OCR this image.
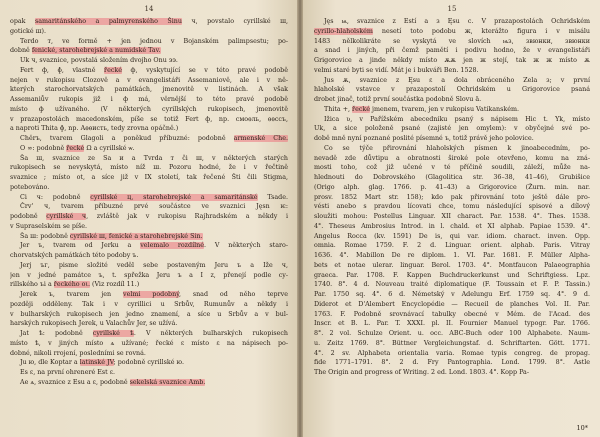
14
opak samaritánského a palmyrenského Šinu ч, povstalo cyrillské ш,
gotické ш).
Terdo т, ve formě + jen jednou v Bojanském palimpsestu; po-
dobně fenické, starohebrejské a numidské Tav.
Uk ч, svaznice, povstalá složením dvojho Onu ээ.
Fert ф, ɸ, vlastně řecké ф, vyskytující se v této pravé podobě
nejen v rukopisu Clozově a v evangelistáři Assemaniově, ale i v ně-
kterých starochorvatských památkách, jmenovitě v listinách. A však
Assemaniův rukopis již i ф má, věrnější to této pravé podobě
místo ф užívaného. (V některých cyrillských rukopisech, jmenovitě
v prazapostolách macedonském, píše se totiž Fert ф, np. смоѳль, ѳѳссъ,
a naproti Thita ɸ, np. Аѳѳисть, tedy zrovna opáčně.)
Chěrъ, tvarem Glagoli a poněkud příbuzné: podobně armenské Che.
O ∞: podobně řecké Ω a cyrillské ѡ.
Ša ш, svaznice ze Sa и a Tvrda т či ш, v některých starých
rukopisech se nevyskytá, místo níž ш. Pozoru hodné, že i v řečtině
svaznice ; místo ot, a síce již v IX století, tak řečené Šti čili Stigma,
potebováno.
Ci ч: podobně cyrillské ц, starohebrejské a samaritánské Tsade.
Črv' ч, tvarem příbuzné prvé součástce ve svaznici Jęsn ѥ:
podobně cyrillské ч, zvláště jak v rukopisu Rajhradském a někdy i
v Supraselském se píše.
Ša ш: podobně cyrillské ш, fenické a starohebrejské Sin.
Jer ъ, tvarem od Jerku a velemalo rozdílné. V některých staro-
chorvatských památkách této podoby ъ.
Jerj ъг, pisme složité veděl sebe postaveným Jeru ъ a Iže ч,
jen v jedné památce ъ, t. spřežka Jeru ъ a I z, přenejí podle cy-
rillského ъi a řeckého oι. (Viz rozdíl 11.)
Jerek ъ, tvarem jen velmi podobný, snad od něho teprve
později odděleny. Tak i v cyrillici u Srbův, Rumunův a někdy i
v bulharských rukopisech jen jedno znamení, a síce u Srbův a v bul-
harských rukopisech Jerek, u Valachův Jer, se užívá.
Jat ѣ: podobně cyrillské ѣ. V některých bulharských rukopisech
místo ѣ, v jiných místo ѧ užívané; řecké ɛ místo ɛ na nápisech po-
dobné, nikoli rrojení, posledními se rovná.
Ju ю, dle Koptar a latinské JV; podobně cyrillské ю.
Es ɛ, na první ohreneré Est ɛ.
Ae ѧ, svaznice z Esu a ɛ, podobně sekelská svaznice Amb.
15
Jęs ѩ, svaznice z Estí a з Ęsu с. V prazapostolách Ochridském
cyrillo-hlaholském nesetí toto podobu ж, kterážto figura i v misálu
1483 nělkolikráte se vyskytá ve slovích ѩз, звюнки, звюнки
a snad i jiných, při čemž pamětí i podivu hodno, že v evangelistáři
Grigorovice a jinde někdy místo ѫѫ jen ж stejí, tak ж ж místo ѫ
velmi staré byti se vidí. Mát je i bukváři Ben. 1528.
Jus ѫ, svaznice z Ęsu ɛ a dola obráceného Zela з; v první
hlaholské vstavce v prazapostolí Ochridském u Grigorovice psaná
drobet jinač, totiž první součástka podobně Slovu ä.
Thita +, řecké jmenem, tvarem, jen v rukopisu Vatikanském.
Ižica ʋ, v Pařížském abecedniku psaný s nápisem Hic t. Yk, místo
Uk, a sice položeně psané (zajisté jen omylem): v obyčejné své po-
době mně nyní poznané poslité písemné ъ, totiž právě jeho polovice.
Co se týče přirovnání hlaholských písmen k jinoabecedním, po-
nevadě zde důvtipu a obratnosti široké pole otevřeno, komu na zná-
mosti toho, což již učené v té příčině soudili, záleží, může na-
hlednouti do Dobrovského (Glagolitica str. 36–38, 41–46), Grubišice
(Origo alph. glag. 1766. p. 41–43) a Grigorovice (Žurn. min. nar.
prosv. 1852 Mart str. 158); kdo pak přirovnání toto ještě dále pro-
vésti anebo s pravdou lícovati chce, tomu následující spisové a dílový
sloužiti mohou: Postellus Linguar. XII charact. Par. 1538. 4°. Thes. 1538.
4°. Theseus Ambrosius Introd. in l. chald. et XI alphab. Papiae 1539. 4°.
Angelus Rocca (kv. 1591) De is, qui var. idiom. charact. inven. Opp.
omnia. Romae 1759. F. 2 d. Linguar. orient. alphab. Paris. Vitray
1636. 4°. Mabillon De re diplom. 1. VI. Par. 1681. F. Müller Alpha-
bets et notae ulerar. linguar. Berol. 1703. 4°. Montfaucon Palaeographia
graeca. Par. 1708. F. Kappen Buchdruckerkunst und Schriftgiess. Lpz.
1740. 8°. 4 d. Nouveau traité diplomatique (F. Toussain et F. P. Tassin.)
Par. 1750 sq. 4°. 6 d. Németský v Adelungu Erf. 1759 sq. 4°. 9 d.
Diderot et D'Alembert Encyclopédie — Recueil de planches Vol. II. Par.
1763. F. Podobně srovnávací tabulky obecné v Mém. de l'Acad. des
Inscr. et B. L. Par. T. XXXI. pl. II. Fournier Manuel typogr. Par. 1766.
8°. 2 vol. Schulze Orient. u. occ. ABC-Buch oder 100 Alphabete. Naum-
u. Zeitz 1769. 8°. Büttner Vergleichungstaf. d. Schriftarten. Gött. 1771.
4°. 2 sv. Alphabeta orientalia varia. Romae typis congreg. de propag.
fide 1771–1791. 8°. 2 d. Fry Pantographia. Lond. 1799. 8°. Astle
The Origin and progress of Writing. 2 ed. Lond. 1803. 4°. Kopp Pa-
10*
